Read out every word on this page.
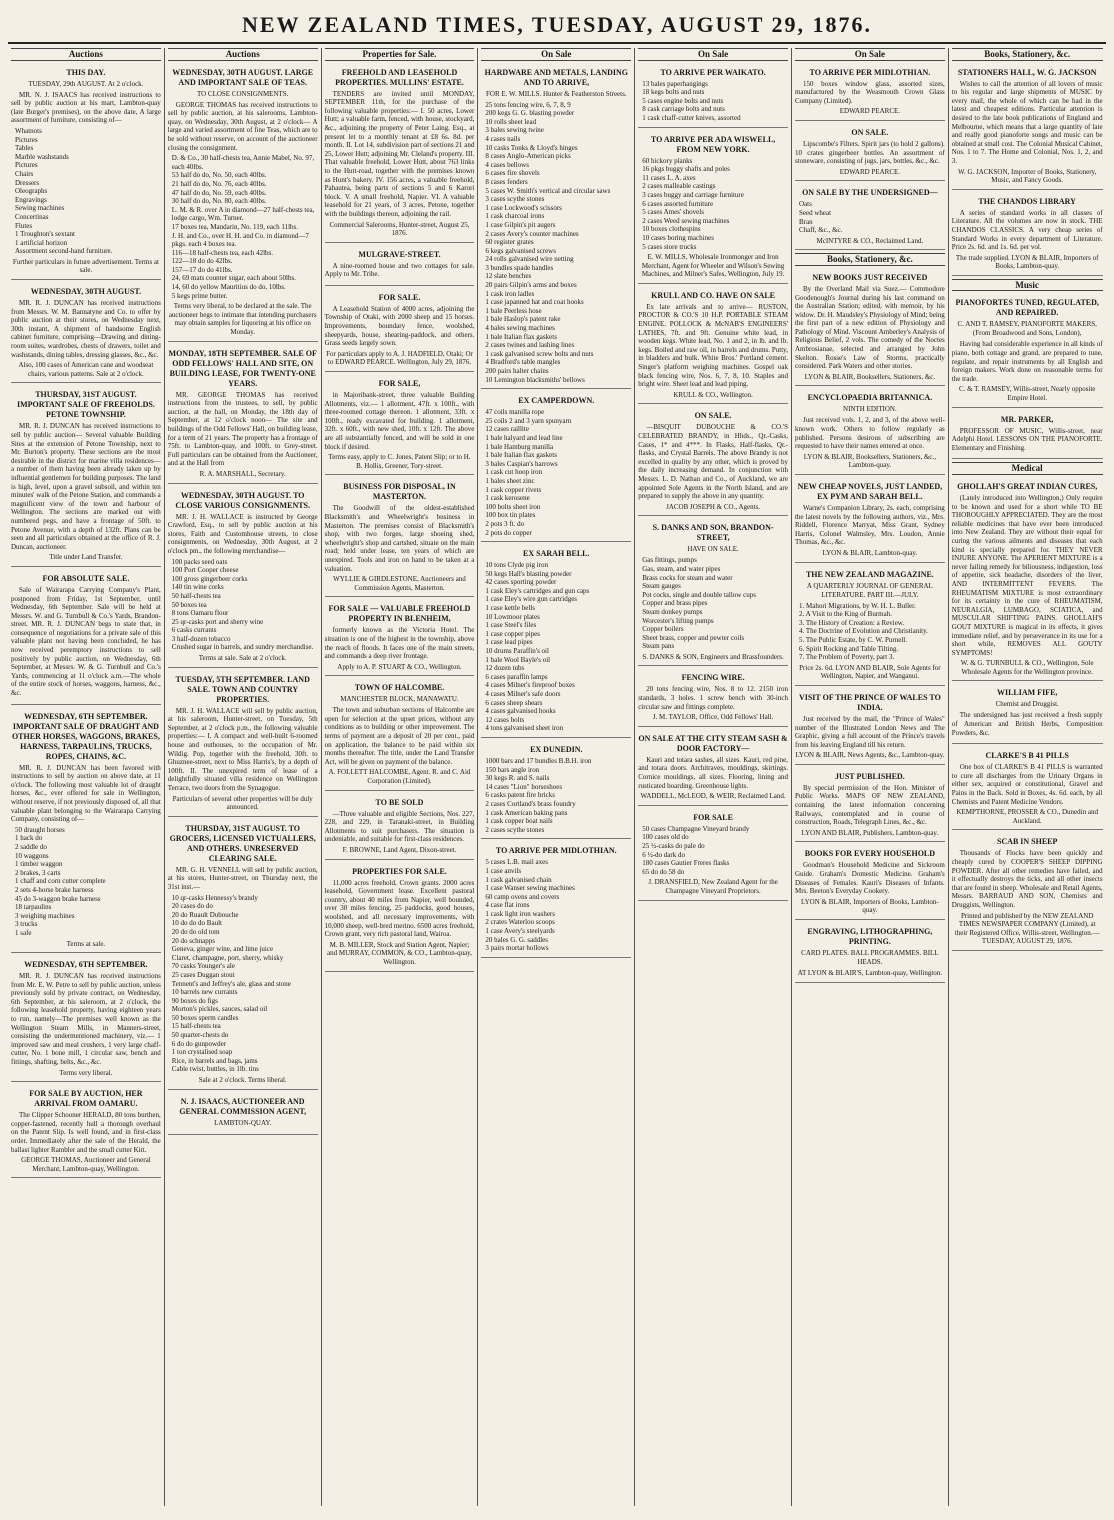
NEW ZEALAND TIMES, TUESDAY, AUGUST 29, 1876.
Auctions
THIS DAY.
TUESDAY, 29th AUGUST. At 2 o'clock.

MR. N. J. ISAACS has received instructions to sell by public auction at his mart, Lambton-quay (late Burger's premises), on the above date, A large assortment of furniture, consisting of—

Whatnots

Pictures

Tables

Marble washstands

Pictures

Chairs

Dressers

Oleographs

Engravings

Sewing machines

Concertinas

Flutes

1 Troughton's sextant

1 artificial horizon

Assortment second-hand furniture.

Further particulars in future advertisement. Terms at sale.
WEDNESDAY, 30TH AUGUST.

MR. R. J. DUNCAN has received instructions from Messrs. W. M. Bannatyne and Co. to offer by public auction at their stores, on Wednesday next, 30th instant, A shipment of handsome English cabinet furniture, comprising—Drawing and dining-room suites, wardrobes, chests of drawers, toilet and washstands, dining tables, dressing glasses, &c., &c.

Also, 100 cases of American cane and woodseat chairs, various patterns. Sale at 2 o'clock.
THURSDAY, 31ST AUGUST. IMPORTANT SALE OF FREEHOLDS. PETONE TOWNSHIP.

MR. R. J. DUNCAN has received instructions to sell by public auction— Several valuable Building Sites at the extension of Petone Township, next to Mr. Burton's property. These sections are the most desirable in the district for marine villa residences—a number of them having been already taken up by influential gentlemen for building purposes. The land is high, level, upon a gravel subsoil, and within ten minutes' walk of the Petone Station, and commands a magnificent view of the town and harbour of Wellington. The sections are marked out with numbered pegs, and have a frontage of 50ft. to Petone Avenue, with a depth of 132ft. Plans can be seen and all particulars obtained at the office of R. J. Duncan, auctioneer.

Title under Land Transfer.
FOR ABSOLUTE SALE.

Sale of Wairarapa Carrying Company's Plant, postponed from Friday, 1st September, until Wednesday, 6th September. Sale will be held at Messrs. W. and G. Turnbull & Co.'s Yards, Brandon-street. MR. R. J. DUNCAN begs to state that, in consequence of negotiations for a private sale of this valuable plant not having been concluded, he has now received peremptory instructions to sell positively by public auction, on Wednesday, 6th September, at Messrs. W. & G. Turnbull and Co.'s Yards, commencing at 11 o'clock a.m.—The whole of the entire stock of horses, waggons, harness, &c., &c.

WEDNESDAY, 6TH SEPTEMBER. IMPORTANT SALE OF DRAUGHT AND OTHER HORSES, WAGGONS, BRAKES, HARNESS, TARPAULINS, TRUCKS, ROPES, CHAINS, &C.

MR. R. J. DUNCAN has been favored with instructions to sell by auction on above date, at 11 o'clock. The following most valuable lot of draught horses, &c., ever offered for sale in Wellington, without reserve, if not previously disposed of, all that valuable plant belonging to the Wairarapa Carrying Company, consisting of—

50 draught horses

1 hack do

2 saddle do

10 waggons

1 timber waggon

2 brakes, 3 carts

1 chaff and corn cutter complete

2 sets 4-horse brake harness

45 do 3-waggon brake harness

18 tarpaulins

3 weighing machines

3 trucks

1 safe

Terms at sale.
WEDNESDAY, 6TH SEPTEMBER.

MR. R. J. DUNCAN has received instructions from Mr. E. W. Petre to sell by public auction, unless previously sold by private contract, on Wednesday, 6th September, at his saleroom, at 2 o'clock, the following leasehold property, having eighteen years to run, namely—The premises well known as the Wellington Steam Mills, in Manners-street, consisting the undermentioned machinery, viz.— 1 improved saw and meal crushers, 1 very large chaff-cutter, No. 1 bone mill, 1 circular saw, bench and fittings, shafting, belts, &c., &c.

Terms very liberal.
FOR SALE BY AUCTION, HER ARRIVAL FROM OAMARU.

The Clipper Schooner HERALD, 80 tons burthen, copper-fastened, recently hull a thorough overhaul on the Patent Slip. Is well found, and in first-class order. Immediately after the sale of the Herald, the ballast lighter Rambler and the small cutter Kitt.

GEORGE THOMAS, Auctioneer and General Merchant, Lambton-quay, Wellington.
Auctions
WEDNESDAY, 30TH AUGUST. LARGE AND IMPORTANT SALE OF TEAS.
TO CLOSE CONSIGNMENTS.

GEORGE THOMAS has received instructions to sell by public auction, at his salerooms, Lambton-quay, on Wednesday, 30th August, at 2 o'clock— A large and varied assortment of fine Teas, which are to be sold without reserve, on account of the auctioneer closing the consignment.

D. & Co., 30 half-chests tea, Annie Mabel, No. 97, each 40lbs.

53 half do do, No. 50, each 40lbs.

21 half do do, No. 76, each 40lbs.

47 half do do, No. 59, each 40lbs.

30 half do do, No. 80, each 40lbs.

L. M. & R. over A in diamond—27 half-chests tea, lodge cargo, Wm. Turner.

17 boxes tea, Mandarin, No. 119, each 11lbs.

J. H. and Co., over H. H. and Co. in diamond—7 pkgs. each 4 boxes tea.

116—18 half-chests tea, each 42lbs.

122—18 do do 42lbs.

157—17 do do 41lbs.

24, 69 mats counter sugar, each about 50lbs.

14, 60 do yellow Mauritius do do, 10lbs.

5 kegs prime butter.

Terms very liberal, to be declared at the sale. The auctioneer begs to intimate that intending purchasers may obtain samples for liquoring at his office on Monday.
MONDAY, 18TH SEPTEMBER. SALE OF ODD FELLOWS' HALL AND SITE, ON BUILDING LEASE, FOR TWENTY-ONE YEARS.

MR. GEORGE THOMAS has received instructions from the trustees, to sell, by public auction, at the hall, on Monday, the 18th day of September, at 12 o'clock noon— The site and buildings of the Odd Fellows' Hall, on building lease, for a term of 21 years. The property has a frontage of 75ft. to Lambton-quay, and 100ft. to Grey-street. Full particulars can be obtained from the Auctioneer, and at the Hall from

R. A. MARSHALL, Secretary.
WEDNESDAY, 30TH AUGUST. TO CLOSE VARIOUS CONSIGNMENTS.

MR. J. H. WALLACE is instructed by George Crawford, Esq., to sell by public auction at his stores, Faith and Customhouse streets, to close consignments, on Wednesday, 30th August, at 2 o'clock pm., the following merchandise—

100 packs seed oats

100 Port Cooper cheese

100 gross gingerbeer corks

140 tin wine corks

50 half-chests tea

50 boxes tea

8 tons Oamaru flour

25 qr-casks port and sherry wine

6 casks currants

3 half-dozen tobacco

Crushed sugar in barrels, and sundry merchandise.

Terms at sale. Sale at 2 o'clock.
TUESDAY, 5TH SEPTEMBER. LAND SALE. TOWN AND COUNTRY PROPERTIES.

MR. J. H. WALLACE will sell by public auction, at his saleroom, Hunter-street, on Tuesday, 5th September, at 2 o'clock p.m., the following valuable properties:— I. A compact and well-built 6-roomed house and outhouses, to the occupation of Mr. Wildig. Pop, together with the freehold, 30ft. to Ghuznee-street, next to Miss Harris's, by a depth of 100ft. II. The unexpired term of lease of a delightfully situated villa residence on Wellington Terrace, two doors from the Synagogue.

Particulars of several other properties will be duly announced.
THURSDAY, 31ST AUGUST. TO GROCERS, LICENSED VICTUALLERS, AND OTHERS. UNRESERVED CLEARING SALE.

MR. G. H. VENNELL will sell by public auction, at his stores, Hunter-street, on Thursday next, the 31st inst.—

10 qr-casks Hennessy's brandy

20 cases do do

20 do Ruault Dubouche

10 do do do Bault

20 do do old tom

20 do schnapps

Geneva, ginger wine, and lime juice

Claret, champagne, port, sherry, whisky

70 casks Younger's ale

25 cases Duggan stout

Tennent's and Jeffrey's ale, glass and stone

10 barrels new currants

90 boxes do figs

Morton's pickles, sauces, salad oil

50 boxes sperm candles

15 half-chests tea

50 quarter-chests do

6 do do gunpowder

1 ton crystalised soap

Rice, in barrels and bags, jams

Cable twist, buttles, in 1lb. tins

Sale at 2 o'clock. Terms liberal.
N. J. ISAACS, AUCTIONEER AND GENERAL COMMISSION AGENT,
LAMBTON-QUAY.
Properties for Sale.
FREEHOLD AND LEASEHOLD PROPERTIES. MULLINS' ESTATE.

TENDERS are invited until MONDAY, SEPTEMBER 11th, for the purchase of the following valuable properties:— I. 50 acres, Lower Hutt; a valuable farm, fenced, with house, stockyard, &c., adjoining the property of Peter Laing, Esq., at present let to a monthly tenant at £8 6s. 8d. per month. II. Lot 14, subdivision part of sections 21 and 25, Lower Hutt; adjoining Mr. Cleland's property. III. That valuable freehold, Lower Hutt, about 763 links to the Hutt-road, together with the premises known as Hunt's bakery. IV. 156 acres, a valuable freehold, Pahautea, being parts of sections 5 and 6 Karori block. V. A small freehold, Napier. VI. A valuable leasehold for 21 years, of 3 acres, Petone, together with the buildings thereon, adjoining the rail.

Commercial Salerooms, Hunter-street, August 25, 1876.
MULGRAVE-STREET.

A nine-roomed house and two cottages for sale. Apply to Mr. Tribe.

FOR SALE.

A Leasehold Station of 4000 acres, adjoining the Township of Otaki, with 2000 sheep and 15 horses. Improvements, boundary fence, woolshed, sheepyards, house, shearing-paddock, and others. Grass seeds largely sown.

For particulars apply to A. J. HADFIELD, Otaki; Or to EDWARD PEARCE. Wellington, July 29, 1876.
FOR SALE,

in Majoribank-street, three valuable Building Allotments, viz.— 1 allotment, 47ft. x 100ft., with three-roomed cottage thereon. 1 allotment, 33ft. x 100ft., ready excavated for building. 1 allotment, 32ft. x 60ft., with new shed, 10ft. x 12ft. The above are all substantially fenced, and will be sold in one block if desired.

Terms easy, apply to C. Jones, Patent Slip; or to H. B. Hollis, Greener, Tory-street.
BUSINESS FOR DISPOSAL, IN MASTERTON.

The Goodwill of the oldest-established Blacksmith's and Wheelwright's business in Masterton. The premises consist of Blacksmith's shop, with two forges, large shoeing shed, wheelwright's shop and cartshed, situate on the main road; held under lease, ten years of which are unexpired. Tools and iron on hand to be taken at a valuation.

WYLLIE & GIRDLESTONE, Auctioneers and Commission Agents, Masterton.
FOR SALE — VALUABLE FREEHOLD PROPERTY IN BLENHEIM,

formerly known as the Victoria Hotel. The situation is one of the highest in the township, above the reach of floods. It faces one of the main streets, and commands a deep river frontage.

Apply to A. P. STUART & CO., Wellington.
TOWN OF HALCOMBE.
MANCHESTER BLOCK, MANAWATU.

The town and suburban sections of Halcombe are open for selection at the upset prices, without any conditions as to building or other improvement. The terms of payment are a deposit of 20 per cent., paid on application, the balance to be paid within six months thereafter. The title, under the Land Transfer Act, will be given on payment of the balance.

A. FOLLETT HALCOMBE, Agent. R. and C. Aid Corporation (Limited).
TO BE SOLD

—Three valuable and eligible Sections, Nos. 227, 228, and 229, in Taranaki-street, in Building Allotments to suit purchasers. The situation is undeniable, and suitable for first-class residences.

F. BROWNE, Land Agent, Dixon-street.
PROPERTIES FOR SALE.

11,000 acres freehold, Crown grants. 2000 acres leasehold, Government lease. Excellent pastoral country, about 40 miles from Napier, well bounded, over 30 miles fencing, 25 paddocks, good houses, woolshed, and all necessary improvements, with 10,000 sheep, well-bred merino. 6500 acres freehold, Crown grant, very rich pastoral land, Wairoa.

M. B. MILLER, Stock and Station Agent, Napier; and MURRAY, COMMON, & CO., Lambton-quay, Wellington.
On Sale
HARDWARE AND METALS, LANDING AND TO ARRIVE,
FOR E. W. MILLS. Hunter & Featherston Streets.

25 tons fencing wire, 6, 7, 8, 9

200 kegs G. G. blasting powder

10 rolls sheet lead

3 bales sewing twine

4 cases nails

10 casks Tonks & Lloyd's hinges

8 cases Anglo-American picks

4 cases bellows

6 cases fire shovels

8 cases fenders

5 cases W. Smith's vertical and circular saws

3 cases scythe stones

1 case Lockwood's scissors

1 cask charcoal irons

1 case Gilpin's pit augers

2 cases Avery's counter machines

60 register grates

6 kegs galvanised screws

24 rolls galvanised wire netting

3 bundles spade handles

12 slate benches

20 pairs Gilpin's arms and boxes

1 cask iron ladles

1 case japanned hat and coat hooks

1 bale Peerless hose

1 bale Haslop's patent rake

4 bales sewing machines

1 bale Italian flax gaskets

2 cases twines and lashing lines

1 cask galvanised screw bolts and nuts

4 Bradford's table mangles

200 pairs halter chains

10 Lemington blacksmiths' bellows

EX CAMPERDOWN.

47 coils manilla rope

25 coils 2 and 3 yarn spunyarn

12 cases raillite

1 bale halyard and lead line

1 bale Hamburg manilla

1 bale Italian flax gaskets

3 bales Caspian's harrows

1 cask cut hoop iron

1 bales sheet zinc

1 cask copper rivets

1 cask kerosene

100 bolts sheet iron

100 box tin plates

2 pots 3 ft. do

2 pots do copper

EX SARAH BELL.

10 tons Clyde pig iron

50 kegs Hall's blasting powder

42 cases sporting powder

1 cask Eley's cartridges and gun caps

1 case Eley's wire gun cartridges

1 case kettle bells

10 Lowmoor plates

1 case Steel's files

1 case copper pipes

1 case lead pipes

10 drums Paraffin's oil

1 bale Wool Bayle's oil

12 dozen tubs

6 cases paraffin lamps

4 cases Milner's fireproof boxes

4 cases Milner's safe doors

6 cases sheep shears

4 cases galvanised hooks

12 cases bolts

4 tons galvanised sheet iron

EX DUNEDIN.

1000 bars and 17 bundles B.B.H. iron

150 bars angle iron

30 kegs R. and S. nails

14 cases "Lion" horseshoes

6 casks patent fire bricks

2 cases Cortland's brass foundry

1 cask American baking pans

1 cask copper boat nails

2 cases scythe stones

TO ARRIVE PER MIDLOTHIAN.

5 cases L.B. mail axes

1 case anvils

1 cask galvanised chain

1 case Wanser sewing machines

60 camp ovens and covers

4 case flat irons

1 cask light iron washers

2 crates Waterloo scoops

1 case Avery's steelyards

20 bales G. G. saddles

3 pairs mortar hollows

On Sale
TO ARRIVE PER WAIKATO.

13 bales paperhangings

18 kegs bolts and nuts

5 cases engine bolts and nuts

8 cask carriage bolts and nuts

1 cask chaff-cutter knives, assorted

TO ARRIVE PER ADA WISWELL, FROM NEW YORK.

60 hickory planks

16 pkgs buggy shafts and poles

11 cases L. A. axes

2 cases malleable castings

3 cases buggy and carriage furniture

6 cases assorted furniture

5 cases Ames' shovels

2 cases Weed sewing machines

10 boxes clothespins

10 cases boring machines

5 cases store trucks

E. W. MILLS, Wholesale Ironmonger and Iron Merchant, Agent for Wheeler and Wilson's Sewing Machines, and Milner's Safes, Wellington, July 19.
KRULL AND CO. HAVE ON SALE

Ex late arrivals and to arrive— RUSTON, PROCTOR & CO.'S 10 H.P. PORTABLE STEAM ENGINE. POLLOCK & McNAB'S ENGINEERS' LATHES, 7ft. and 9ft. Genuine white lead, in wooden kegs. White lead, No. 1 and 2, in lb. and lb. kegs. Boiled and raw oil, in barrels and drums. Putty, in bladders and bulk. White Bros.' Portland cement. Singer's platform weighing machines. Gospel oak black fencing wire, Nos. 6, 7, 8, 10. Staples and bright wire. Sheet lead and lead piping.

KRULL & CO., Wellington.
ON SALE.

—BISQUIT DUBOUCHE & CO.'S CELEBRATED BRANDY, in Hhds., Qr.-Casks, Cases, 1* and 4***. In Flasks, Half-flasks, Qr.-flasks, and Crystal Barrels. The above Brandy is not excelled in quality by any other, which is proved by the daily increasing demand. In conjunction with Messrs. L. D. Nathan and Co., of Auckland, we are appointed Sole Agents in the North Island, and are prepared to supply the above in any quantity.

JACOB JOSEPH & CO., Agents.
S. DANKS AND SON, BRANDON-STREET,
HAVE ON SALE.

Gas fittings, pumps

Gas, steam, and water pipes

Brass cocks for steam and water

Steam gauges

Pot cocks, single and double tallow cups

Copper and brass pipes

Steam donkey pumps

Worcester's lifting pumps

Copper boilers

Sheet brass, copper and pewter coils

Steam pans

S. DANKS & SON, Engineers and Brassfounders.
FENCING WIRE.

20 tons fencing wire, Nos. 8 to 12. 2150 iron standards, 3 holes. 1 screw bench with 30-inch circular saw and fittings complete.

J. M. TAYLOR, Office, Odd Fellows' Hall.
ON SALE AT THE CITY STEAM SASH & DOOR FACTORY—

Kauri and totara sashes, all sizes. Kauri, red pine, and totara doors. Architraves, mouldings, skirtings. Cornice mouldings, all sizes. Flooring, lining and rusticated boarding. Greenhouse lights.

WADDELL, McLEOD, & WEIR, Reclaimed Land.
FOR SALE

50 cases Champagne Vineyard brandy

100 cases old do

25 ½-casks do pale do

6 ½-do dark do

180 cases Gautier Freres flasks

65 do do 58 do

J. DRANSFIELD, New Zealand Agent for the Champagne Vineyard Proprietors.
On Sale
TO ARRIVE PER MIDLOTHIAN.

150 boxes window glass, assorted sizes, manufactured by the Weasmouth Crown Glass Company (Limited).

EDWARD PEARCE.
ON SALE.

Lipscombe's Filters. Spirit jars (to hold 2 gallons). 10 crates gingerbeer bottles. An assortment of stoneware, consisting of jugs, jars, bottles, &c., &c.

EDWARD PEARCE.
ON SALE BY THE UNDERSIGNED—

Oats

Seed wheat

Bran

Chaff, &c., &c.

McINTYRE & CO., Reclaimed Land.
Books, Stationery, &c.
NEW BOOKS JUST RECEIVED

By the Overland Mail via Suez.— Commodore Goodenough's Journal during his last command on the Australian Station; edited, with memoir, by his widow. Dr. H. Maudsley's Physiology of Mind; being the first part of a new edition of Physiology and Pathology of Mind. Viscount Amberley's Analysis of Religious Belief, 2 vols. The comedy of the Noctes Ambrosianae, selected and arranged by John Skelton. Rosse's Law of Storms, practically considered. Park Waters and other stories.

LYON & BLAIR, Booksellers, Stationers, &c.
ENCYCLOPAEDIA BRITANNICA.
NINTH EDITION.

Just received vols. 1, 2, and 3, of the above well-known work. Others to follow regularly as published. Persons desirous of subscribing are requested to have their names entered at once.

LYON & BLAIR, Booksellers, Stationers, &c., Lambton-quay.
NEW CHEAP NOVELS, JUST LANDED, EX PYM AND SARAH BELL.

Warne's Companion Library, 2s. each, comprising the latest novels by the following authors, viz., Mrs. Riddell, Florence Marryat, Miss Grant, Sydney Harris, Colonel Walmsley, Mrs. Loudon, Annie Thomas, &c., &c.

LYON & BLAIR, Lambton-quay.
THE NEW ZEALAND MAGAZINE.
A QUARTERLY JOURNAL OF GENERAL LITERATURE. PART III.—JULY.

1. Mahori Migrations, by W. H. L. Buller.

2. A Visit to the King of Burmah.

3. The History of Creation: a Review.

4. The Doctrine of Evolution and Christianity.

5. The Public Estate, by C. W. Purnell.

6. Spirit Rocking and Table Tilting.

7. The Problem of Poverty, part 3.

Price 2s. 6d. LYON AND BLAIR, Sole Agents for Wellington, Napier, and Wanganui.
VISIT OF THE PRINCE OF WALES TO INDIA.

Just received by the mail, the "Prince of Wales" number of the Illustrated London News and The Graphic, giving a full account of the Prince's travels from his leaving England till his return.

LYON & BLAIR, News Agents, &c., Lambton-quay.
JUST PUBLISHED.

By special permission of the Hon. Minister of Public Works. MAPS OF NEW ZEALAND, containing the latest information concerning Railways, contemplated and in course of construction, Roads, Telegraph Lines, &c., &c.

LYON AND BLAIR, Publishers, Lambton-quay.
BOOKS FOR EVERY HOUSEHOLD

Goodman's Household Medicine and Sickroom Guide. Graham's Domestic Medicine. Graham's Diseases of Females. Kauri's Diseases of Infants. Mrs. Beeton's Everyday Cookery.

LYON & BLAIR, Importers of Books, Lambton-quay.
ENGRAVING, LITHOGRAPHING, PRINTING.
CARD PLATES. BALL PROGRAMMES. BILL HEADS.
AT LYON & BLAIR'S, Lambton-quay, Wellington.
Books, Stationery, &c.
STATIONERS HALL, W. G. JACKSON

Wishes to call the attention of all lovers of music to his regular and large shipments of MUSIC by every mail, the whole of which can be had in the latest and cheapest editions. Particular attention is desired to the late book publications of England and Melbourne, which means that a large quantity of late and really good pianoforte songs and music can be obtained at small cost. The Colonial Musical Cabinet, Nos. 1 to 7. The Home and Colonial, Nos. 1, 2, and 3.

W. G. JACKSON, Importer of Books, Stationery, Music, and Fancy Goods.
THE CHANDOS LIBRARY

A series of standard works in all classes of Literature. All the volumes are now in stock. THE CHANDOS CLASSICS. A very cheap series of Standard Works in every department of Literature. Price 2s. 6d. and 1s. 6d. per vol.

The trade supplied. LYON & BLAIR, Importers of Books, Lambton-quay.
Music
PIANOFORTES TUNED, REGULATED, AND REPAIRED.
C. AND T. RAMSEY, PIANOFORTE MAKERS, (From Broadwood and Sons, London),

Having had considerable experience in all kinds of piano, both cottage and grand, are prepared to tune, regulate, and repair instruments by all English and foreign makers. Work done on reasonable terms for the trade.

C. & T. RAMSEY, Willis-street, Nearly opposite Empire Hotel.
MR. PARKER,

PROFESSOR OF MUSIC, Willis-street, near Adelphi Hotel. LESSONS ON THE PIANOFORTE. Elementary and Finishing.

Medical
GHOLLAH'S GREAT INDIAN CURES,

(Lately introduced into Wellington,) Only require to be known and used for a short while TO BE THOROUGHLY APPRECIATED. They are the most reliable medicines that have ever been introduced into New Zealand. They are without their equal for curing the various ailments and diseases that each kind is specially prepared for. THEY NEVER INJURE ANYONE. The APERIENT MIXTURE is a never failing remedy for biliousness, indigestion, loss of appetite, sick headache, disorders of the liver, AND INTERMITTENT FEVERS. The RHEUMATISM MIXTURE is most extraordinary for its certainty in the cure of RHEUMATISM, NEURALGIA, LUMBAGO, SCIATICA, and MUSCULAR SHIFTING PAINS. GHOLLAH'S GOUT MIXTURE is magical in its effects, it gives immediate relief, and by perseverance in its use for a short while, REMOVES ALL GOUTY SYMPTOMS!

W. & G. TURNBULL & CO., Wellington, Sole Wholesale Agents for the Wellington province.
WILLIAM FIFE,
Chemist and Druggist.

The undersigned has just received a fresh supply of American and British Herbs, Composition Powders, &c.

CLARKE'S B 41 PILLS

One box of CLARKE'S B 41 PILLS is warranted to cure all discharges from the Urinary Organs in either sex, acquired or constitutional, Gravel and Pains in the Back. Sold in Boxes, 4s. 6d. each, by all Chemists and Patent Medicine Vendors.

KEMPTHORNE, PROSSER & CO., Dunedin and Auckland.
SCAB IN SHEEP

Thousands of Flocks have been quickly and cheaply cured by COOPER'S SHEEP DIPPING POWDER. After all other remedies have failed, and it effectually destroys the ticks, and all other insects that are found in sheep. Wholesale and Retail Agents, Messrs. BARRAUD AND SON, Chemists and Druggists, Wellington.

Printed and published by the NEW ZEALAND TIMES NEWSPAPER COMPANY (Limited), at their Registered Office, Willis-street, Wellington.—TUESDAY, AUGUST 29, 1876.
